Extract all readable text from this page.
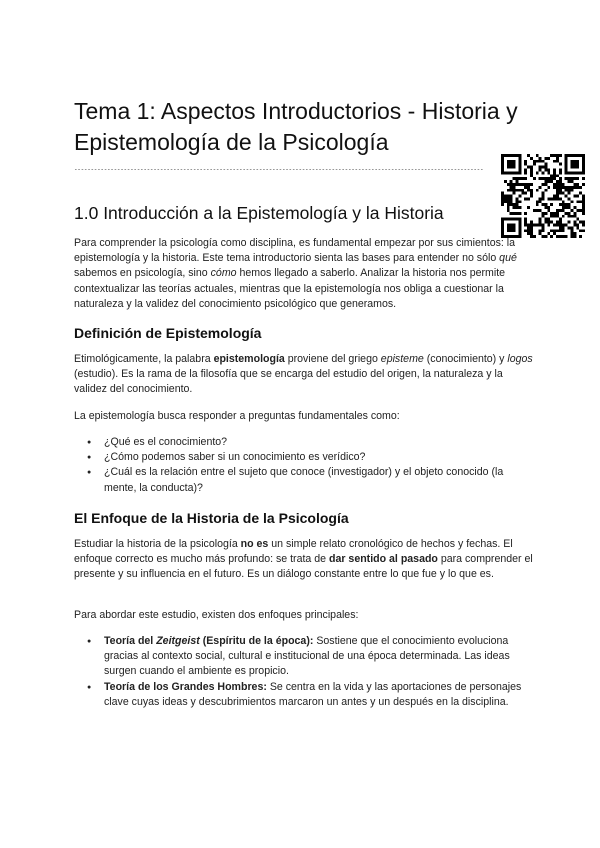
Tema 1: Aspectos Introductorios - Historia y Epistemología de la Psicología
----------------------------------------------------------------------------------------------------------------------------
1.0 Introducción a la Epistemología y la Historia

Para comprender la psicología como disciplina, es fundamental empezar por sus cimientos: la epistemología y la historia. Este tema introductorio sienta las bases para entender no sólo qué sabemos en psicología, sino cómo hemos llegado a saberlo. Analizar la historia nos permite contextualizar las teorías actuales, mientras que la epistemología nos obliga a cuestionar la naturaleza y la validez del conocimiento psicológico que generamos.

Definición de Epistemología

Etimológicamente, la palabra epistemología proviene del griego episteme (conocimiento) y logos (estudio). Es la rama de la filosofía que se encarga del estudio del origen, la naturaleza y la validez del conocimiento.

La epistemología busca responder a preguntas fundamentales como:

● ¿Qué es el conocimiento?
● ¿Cómo podemos saber si un conocimiento es verídico?
● ¿Cuál es la relación entre el sujeto que conoce (investigador) y el objeto conocido (la mente, la conducta)?
El Enfoque de la Historia de la Psicología

Estudiar la historia de la psicología no es un simple relato cronológico de hechos y fechas. El enfoque correcto es mucho más profundo: se trata de dar sentido al pasado para comprender el presente y su influencia en el futuro. Es un diálogo constante entre lo que fue y lo que es.

Para abordar este estudio, existen dos enfoques principales:

● Teoría del Zeitgeist (Espíritu de la época): Sostiene que el conocimiento evoluciona gracias al contexto social, cultural e institucional de una época determinada. Las ideas surgen cuando el ambiente es propicio.
● Teoría de los Grandes Hombres: Se centra en la vida y las aportaciones de personajes clave cuyas ideas y descubrimientos marcaron un antes y un después en la disciplina.
